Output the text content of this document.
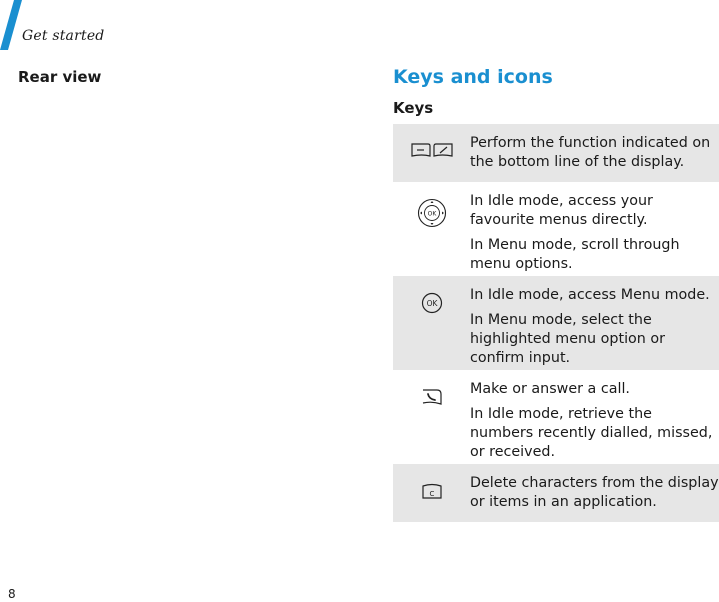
Get started
Rear view	Keys and icons
Keys

Perform the function indicated on the bottom line of the display.

OK

In Idle mode, access your favourite menus directly.

In Menu mode, scroll through menu options.

OK

In Idle mode, access Menu mode.

In Menu mode, select the highlighted menu option or confirm input.

Make or answer a call.

In Idle mode, retrieve the numbers recently dialled, missed, or received.

C

Delete characters from the display or items in an application.

8
